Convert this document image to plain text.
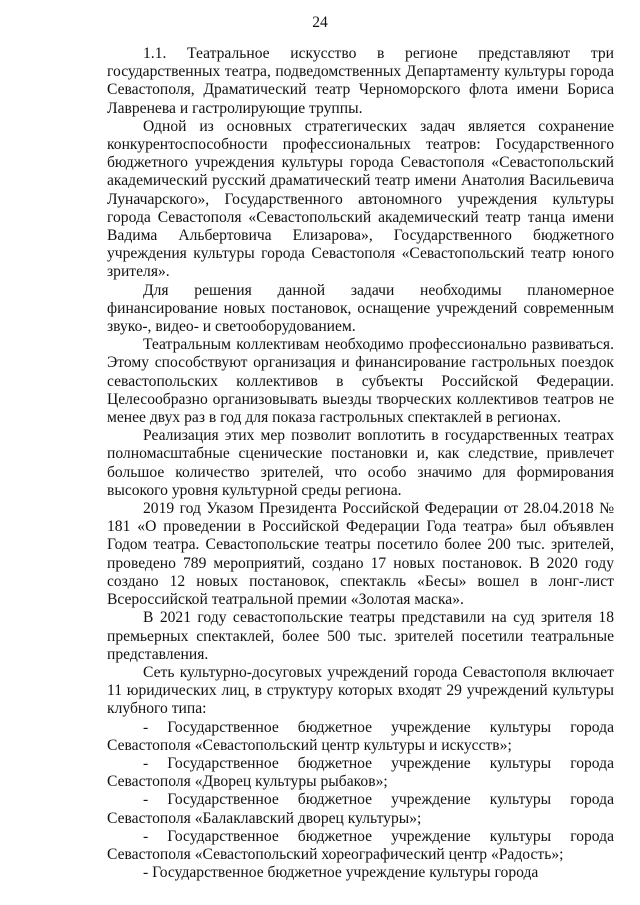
24

1.1. Театральное искусство в регионе представляют три государственных театра, подведомственных Департаменту культуры города Севастополя, Драматический театр Черноморского флота имени Бориса Лавренева и гастролирующие труппы.

Одной из основных стратегических задач является сохранение конкурентоспособности профессиональных театров: Государственного бюджетного учреждения культуры города Севастополя «Севастопольский академический русский драматический театр имени Анатолия Васильевича Луначарского», Государственного автономного учреждения культуры города Севастополя «Севастопольский академический театр танца имени Вадима Альбертовича Елизарова», Государственного бюджетного учреждения культуры города Севастополя «Севастопольский театр юного зрителя».

Для решения данной задачи необходимы планомерное финансирование новых постановок, оснащение учреждений современным звуко-, видео- и светооборудованием.

Театральным коллективам необходимо профессионально развиваться. Этому способствуют организация и финансирование гастрольных поездок севастопольских коллективов в субъекты Российской Федерации. Целесообразно организовывать выезды творческих коллективов театров не менее двух раз в год для показа гастрольных спектаклей в регионах.

Реализация этих мер позволит воплотить в государственных театрах полномасштабные сценические постановки и, как следствие, привлечет большое количество зрителей, что особо значимо для формирования высокого уровня культурной среды региона.

2019 год Указом Президента Российской Федерации от 28.04.2018 № 181 «О проведении в Российской Федерации Года театра» был объявлен Годом театра. Севастопольские театры посетило более 200 тыс. зрителей, проведено 789 мероприятий, создано 17 новых постановок. В 2020 году создано 12 новых постановок, спектакль «Бесы» вошел в лонг-лист Всероссийской театральной премии «Золотая маска».

В 2021 году севастопольские театры представили на суд зрителя 18 премьерных спектаклей, более 500 тыс. зрителей посетили театральные представления.

Сеть культурно-досуговых учреждений города Севастополя включает 11 юридических лиц, в структуру которых входят 29 учреждений культуры клубного типа:

- Государственное бюджетное учреждение культуры города Севастополя «Севастопольский центр культуры и искусств»;

- Государственное бюджетное учреждение культуры города Севастополя «Дворец культуры рыбаков»;

- Государственное бюджетное учреждение культуры города Севастополя «Балаклавский дворец культуры»;

- Государственное бюджетное учреждение культуры города Севастополя «Севастопольский хореографический центр «Радость»;

- Государственное бюджетное учреждение культуры города
